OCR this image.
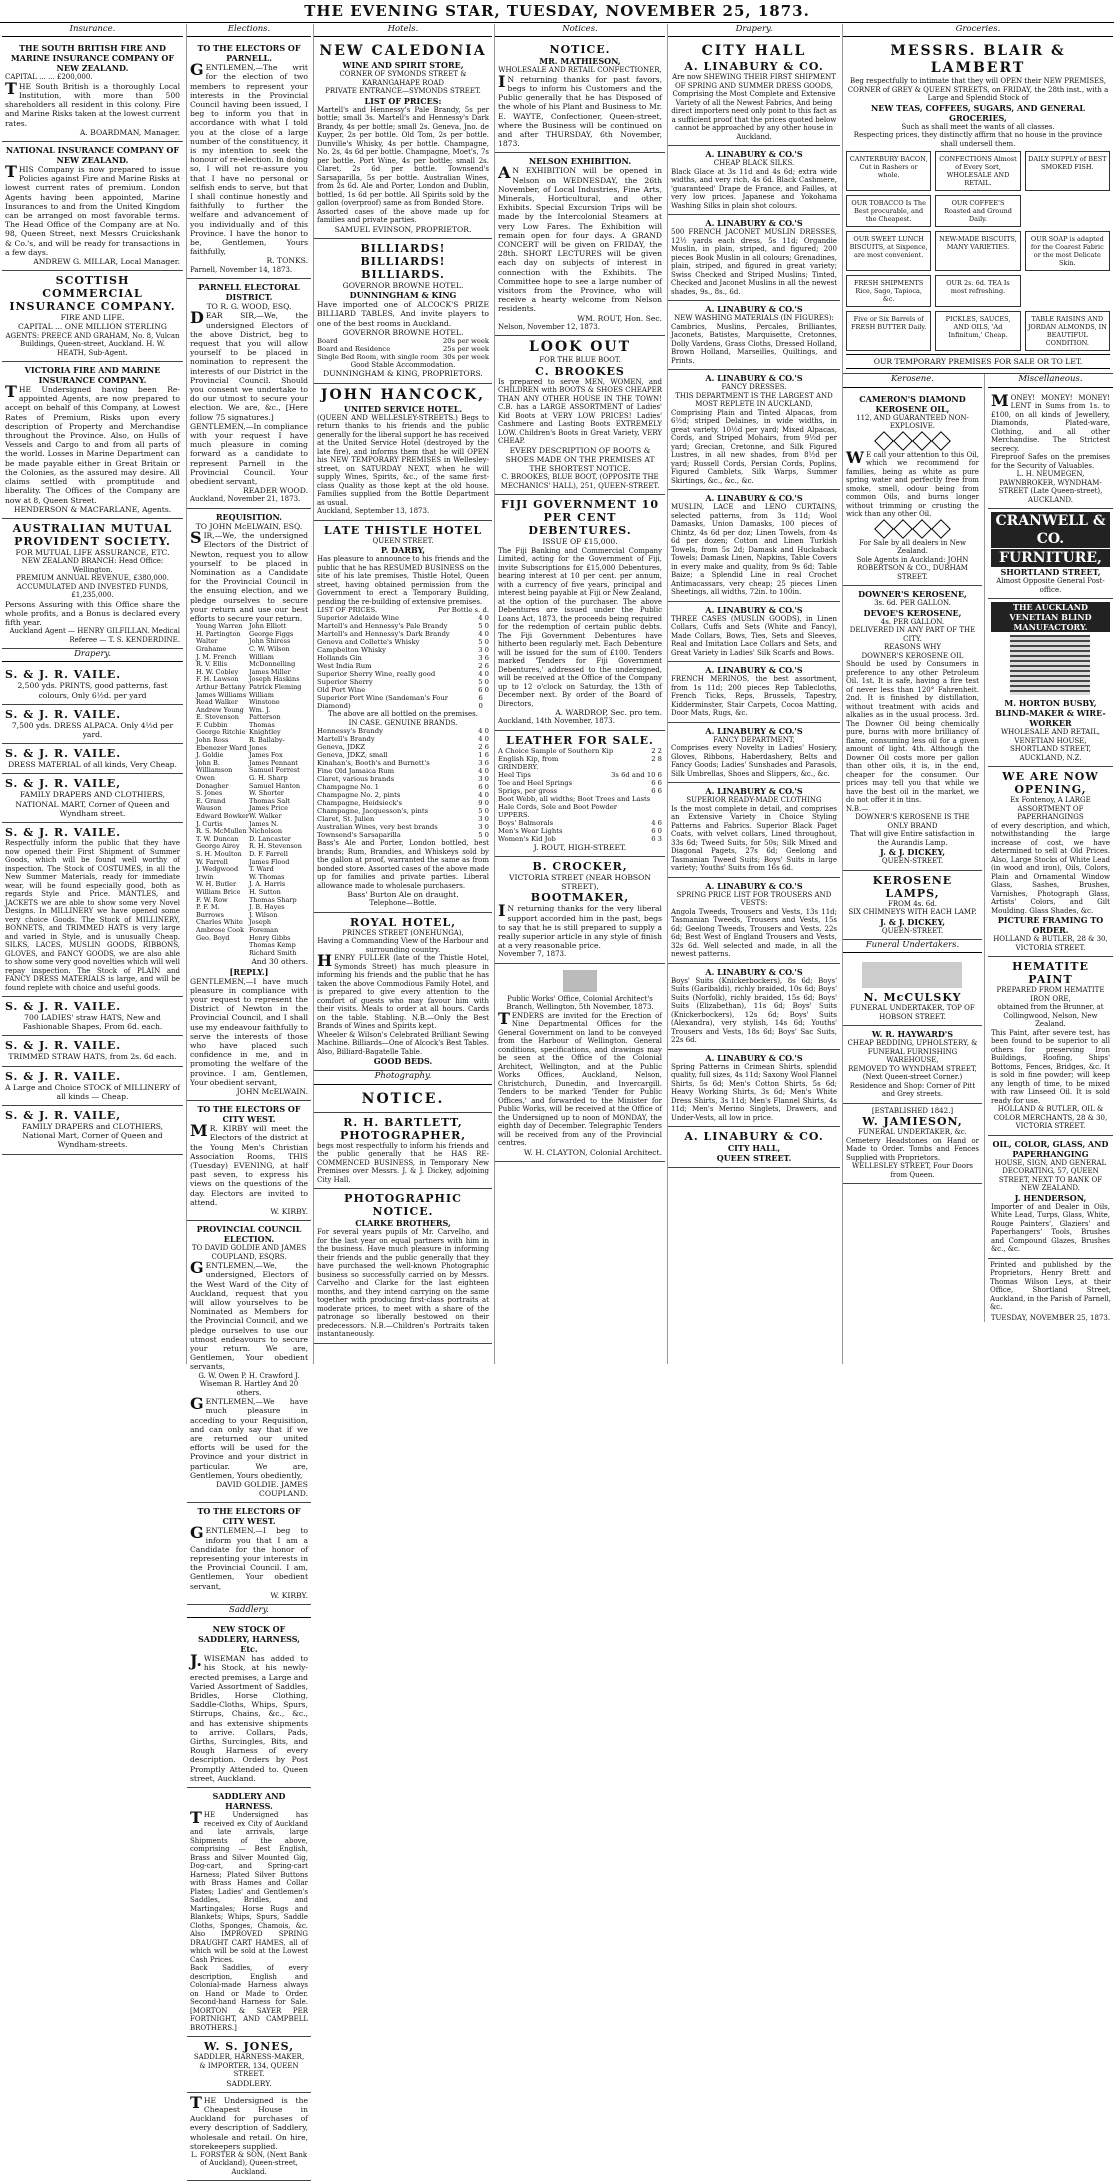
THE EVENING STAR, TUESDAY, NOVEMBER 25, 1873.
Insurance.
THE SOUTH BRITISH FIRE AND MARINE INSURANCE COMPANY OF NEW ZEALAND.
CAPITAL ... ... £200,000.
THE South British is a thoroughly Local Institution, with more than 500 shareholders all resident in this colony. Fire and Marine Risks taken at the lowest current rates.
A. BOARDMAN, Manager.
NATIONAL INSURANCE COMPANY OF NEW ZEALAND.
THIS Company is now prepared to issue Policies against Fire and Marine Risks at lowest current rates of premium. London Agents having been appointed, Marine Insurances to and from the United Kingdom can be arranged on most favorable terms. The Head Office of the Company are at No. 98, Queen Street, next Messrs Cruickshank & Co.'s, and will be ready for transactions in a few days.
ANDREW G. MILLAR, Local Manager.
SCOTTISH COMMERCIAL INSURANCE COMPANY.
FIRE AND LIFE.
CAPITAL ... ONE MILLION STERLING
AGENTS: PREECE AND GRAHAM, No. 8, Vulcan Buildings, Queen-street, Auckland. H. W. HEATH, Sub-Agent.
VICTORIA FIRE AND MARINE INSURANCE COMPANY.
THE Undersigned having been Re-appointed Agents, are now prepared to accept on behalf of this Company, at Lowest Rates of Premium, Risks upon every description of Property and Merchandise throughout the Province. Also, on Hulls of Vessels and Cargo to and from all parts of the world. Losses in Marine Department can be made payable either in Great Britain or the Colonies, as the assured may desire. All claims settled with promptitude and liberality. The Offices of the Company are now at 8, Queen Street.
HENDERSON & MACFARLANE, Agents.
AUSTRALIAN MUTUAL PROVIDENT SOCIETY.
FOR MUTUAL LIFE ASSURANCE, ETC.
NEW ZEALAND BRANCH: Head Office: Wellington.
PREMIUM ANNUAL REVENUE, £380,000. ACCUMULATED AND INVESTED FUNDS, £1,235,000.
Persons Assuring with this Office share the whole profits, and a Bonus is declared every fifth year.
Auckland Agent — HENRY GILFILLAN. Medical Referee — T. S. KENDERDINE.
Drapery.
S. & J. R. VAILE.
2,500 yds. PRINTS, good patterns, fast colours, Only 6½d. per yard
S. & J. R. VAILE.
7,500 yds. DRESS ALPACA. Only 4½d per yard.
S. & J. R. VAILE.
DRESS MATERIAL of all kinds, Very Cheap.
S. & J. R. VAILE,
FAMILY DRAPERS AND CLOTHIERS, NATIONAL MART, Corner of Queen and Wyndham street.
S. & J. R. VAILE.
Respectfully inform the public that they have now opened their First Shipment of Summer Goods, which will be found well worthy of inspection. The Stock of COSTUMES, in all the New Summer Materials, ready for immediate wear, will be found especially good, both as regards Style and Price. MANTLES, and JACKETS we are able to show some very Novel Designs. In MILLINERY we have opened some very choice Goods. The Stock of MILLINERY, BONNETS, and TRIMMED HATS is very large and varied in Style, and is unusually Cheap. SILKS, LACES, MUSLIN GOODS, RIBBONS, GLOVES, and FANCY GOODS, we are also able to show some very good novelties which will well repay inspection. The Stock of PLAIN and FANCY DRESS MATERIALS is large, and will be found replete with choice and useful goods.
S. & J. R. VAILE.
700 LADIES' straw HATS, New and Fashionable Shapes, From 6d. each.
S. & J. R. VAILE.
TRIMMED STRAW HATS, from 2s. 6d each.
S. & J. R. VAILE.
A Large and Choice STOCK of MILLINERY of all kinds — Cheap.
S. & J. R. VAILE,
FAMILY DRAPERS and CLOTHIERS, National Mart, Corner of Queen and Wyndham-streets.
Elections.
TO THE ELECTORS OF PARNELL.
GENTLEMEN,—The writ for the election of two members to represent your interests in the Provincial Council having been issued, I beg to inform you that in accordance with what I told you at the close of a large number of the constituency, it is my intention to seek the honour of re-election. In doing so, I will not re-assure you that I have no personal or selfish ends to serve, but that I shall continue honestly and faithfully to further the welfare and advancement of you individually and of this Province. I have the honor to be, Gentlemen, Yours faithfully,
R. TONKS.
Parnell, November 14, 1873.
PARNELL ELECTORAL DISTRICT.
TO R. G. WOOD, ESQ.
DEAR SIR,—We, the undersigned Electors of the above District, beg to request that you will allow yourself to be placed in nomination to represent the interests of our District in the Provincial Council. Should you consent we undertake to do our utmost to secure your election. We are, &c., [Here follow 75 signatures.]
GENTLEMEN,—In compliance with your request I have much pleasure in coming forward as a candidate to represent Parnell in the Provincial Council. Your obedient servant,
READER WOOD.
Auckland, November 21, 1873.
REQUISITION.
TO JOHN McELWAIN, ESQ.
SIR,—We, the undersigned Electors of the District of Newton, request you to allow yourself to be placed in Nomination as a Candidate for the Provincial Council in the ensuing election, and we pledge ourselves to secure your return and use our best efforts to secure your return.
Young Warren
H. Partington
Walter Grahame
J. M. French
R. V. Ellis
H. W. Cobley
F. H. Lawson
Arthur Bettany
James Williams
Read Walker
Andrew Young
E. Stevenson
F. Cubbin
George Ritchie
John Ross
Ebenezer Ward
J. Goldie
John B. Williamson
Owen Donagher
S. Jones
E. Grand Wauson
Edward Bowker
J. Curtis
R. S. McMullen
T. W. Duncan
George Airey
S. H. Moulton
W. Farrell
J. Wedgwood Irwin
W. H. Butler
William Brice
F. W. Row
P. F. M. Burrows
Charles White
Ambrose Cook
Geo. Boyd
John Elliott
George Figgs
John Shiress
C. W. Wilson
William McDonnelling
James Miller
Joseph Haskins
Patrick Fleming
William Winstone
Wm. J. Patterson
Thomas Knightley
R. Ballaby-Jones
James Fox
James Pennant
Samuel Forrest
G. H. Sharp
Samuel Hanton
W. Shorter
Thomas Salt
James Price
W. Walker
James N. Nicholson
D. Lancaster
R. H. Stevenson
D. F. Farrell
James Flood
T. Ward
W. Thomas
J. A. Harris
H. Sutton
Thomas Sharp
J. B. Hayes
J. Wilson
Joseph Foreman
Henry Gibbs
Thomas Kemp
Richard Smith
And 30 others.
[REPLY.]
GENTLEMEN,—I have much pleasure in compliance with your request to represent the District of Newton in the Provincial Council, and I shall use my endeavour faithfully to serve the interests of those who have placed such confidence in me, and in promoting the welfare of the province. I am, Gentlemen, Your obedient servant,
JOHN McELWAIN.
TO THE ELECTORS OF CITY WEST.
MR. KIRBY will meet the Electors of the district at the Young Men's Christian Association Rooms, THIS (Tuesday) EVENING, at half past seven, to express his views on the questions of the day. Electors are invited to attend.
W. KIRBY.
PROVINCIAL COUNCIL ELECTION.
TO DAVID GOLDIE AND JAMES COUPLAND, ESQRS.
GENTLEMEN,—We, the undersigned, Electors of the West Ward of the City of Auckland, request that you will allow yourselves to be Nominated as Members for the Provincial Council, and we pledge ourselves to use our utmost endeavours to secure your return. We are, Gentlemen, Your obedient servants,
G. W. Owen P. H. Crawford J. Wiseman R. Hartley And 20 others.
GENTLEMEN,—We have much pleasure in acceding to your Requisition, and can only say that if we are returned our united efforts will be used for the Province and your district in particular. We are, Gentlemen, Yours obediently,
DAVID GOLDIE. JAMES COUPLAND.
TO THE ELECTORS OF CITY WEST.
GENTLEMEN,—I beg to inform you that I am a Candidate for the honor of representing your interests in the Provincial Council. I am, Gentlemen, Your obedient servant,
W. KIRBY.
Saddlery.
NEW STOCK OF SADDLERY, HARNESS, Etc.
J.WISEMAN has added to his Stock, at his newly-erected premises, a Large and Varied Assortment of Saddles, Bridles, Horse Clothing, Saddle-Cloths, Whips, Spurs, Stirrups, Chains, &c., &c., and has extensive shipments to arrive. Collars, Pads, Girths, Surcingles, Bits, and Rough Harness of every description. Orders by Post Promptly Attended to. Queen street, Auckland.
SADDLERY AND HARNESS.
THE Undersigned has received ex City of Auckland and late arrivals, large Shipments of the above, comprising — Best English, Brass and Silver Mounted Gig, Dog-cart, and Spring-cart Harness; Plated Silver Buttons with Brass Hames and Collar Plates; Ladies' and Gentlemen's Saddles, Bridles, and Martingales; Horse Rugs and Blankets; Whips, Spurs, Saddle Cloths, Sponges, Chamois, &c. Also IMPROVED SPRING DRAUGHT CART HAMES, all of which will be sold at the Lowest Cash Prices.
Back Saddles, of every description, English and Colonial-made Harness always on Hand or Made to Order. Second-hand Harness for Sale. [MORTON & SAYER PER FORTNIGHT, AND CAMPBELL BROTHERS.]
W. S. JONES,
SADDLER, HARNESS-MAKER, & IMPORTER, 134, QUEEN STREET.
SADDLERY.
THE Undersigned is the Cheapest House in Auckland for purchases of every description of Saddlery, wholesale and retail. On hire, storekeepers supplied.
L. FORSTER & SON, (Next Bank of Auckland), Queen-street, Auckland.
Hotels.
NEW CALEDONIA
WINE AND SPIRIT STORE,
CORNER OF SYMONDS STREET & KARANGAHAPE ROAD
PRIVATE ENTRANCE—SYMONDS STREET.
LIST OF PRICES:
Martell's and Hennessy's Pale Brandy, 5s per bottle; small 3s. Martell's and Hennessy's Dark Brandy, 4s per bottle; small 2s. Geneva, Jno. de Kuyper, 2s per bottle. Old Tom, 2s per bottle. Dunville's Whisky, 4s per bottle. Champagne, No. 2s, 4s 6d per bottle. Champagne, Moet's, 7s per bottle. Port Wine, 4s per bottle; small 2s. Claret, 2s 6d per bottle. Townsend's Sarsaparilla, 5s per bottle. Australian Wines, from 2s 6d. Ale and Porter, London and Dublin, bottled, 1s 6d per bottle. All Spirits sold by the gallon (overproof) same as from Bonded Store.
Assorted cases of the above made up for families and private parties.
SAMUEL EVINSON, PROPRIETOR.
BILLIARDS! BILLIARDS! BILLIARDS.
GOVERNOR BROWNE HOTEL.
DUNNINGHAM & KING
Have imported one of ALCOCK'S PRIZE BILLIARD TABLES, And invite players to one of the best rooms in Auckland.
GOVERNOR BROWNE HOTEL.
Board	20s per week
Board and Residence	25s per week
Single Bed Room, with single room 30s per week
Good Stable Accommodation.
DUNNINGHAM & KING, PROPRIETORS.
JOHN HANCOCK,
UNITED SERVICE HOTEL.
(QUEEN AND WELLESLEY-STREETS.) Begs to return thanks to his friends and the public generally for the liberal support he has received at the United Service Hotel (destroyed by the late fire), and informs them that he will OPEN his NEW TEMPORARY PREMISES in Wellesley-street, on SATURDAY NEXT, when he will supply Wines, Spirits, &c., of the same first-class Quality as those kept at the old house. Families supplied from the Bottle Department as usual.
Auckland, September 13, 1873.
LATE THISTLE HOTEL
QUEEN STREET.
P. DARBY,
Has pleasure to announce to his friends and the public that he has RESUMED BUSINESS on the site of his late premises, Thistle Hotel, Queen street, having obtained permission from the Government to erect a Temporary Building, pending the re-building of extensive premises.
LIST OF PRICES.	Per Bottle s. d.
Superior Adelaide Wine	4 0
Martell's and Hennessy's Pale Brandy	5 0
Martell's and Hennessy's Dark Brandy	4 0
Geneva and Collette's Whisky	5 0
Campbelton Whisky	3 0
Hollands Gin	3 6
West India Rum	2 6
Superior Sherry Wine, really good	4 0
Superior Sherry	5 0
Old Port Wine	6 0
Superior Port Wine (Sandeman's Four Diamond)
6 0
The above are all bottled on the premises.
IN CASE. GENUINE BRANDS.
Hennessy's Brandy	4 0
Martell's Brandy	4 0
Geneva, JDKZ	2 6
Geneva, JDKZ, small	1 6
Kinahan's, Booth's and Burnett's	3 6
Fine Old Jamaica Rum	4 0
Claret, various brands	3 0
Champagne No. 1	6 0
Champagne No. 2, pints	4 0
Champagne, Heidsieck's	9 0
Champagne, Jacquesson's, pints	5 0
Claret, St. Julien	3 0
Australian Wines, very best brands	3 0
Townsend's Sarsaparilla	5 0
Bass's Ale and Porter, London bottled, best brands; Rum, Brandies, and Whiskeys sold by the gallon at proof, warranted the same as from bonded store. Assorted cases of the above made up for families and private parties. Liberal allowance made to wholesale purchasers.
Bass' Burton Ale on draught.
Telephone—Bottle.
ROYAL HOTEL,
PRINCES STREET (ONEHUNGA),
Having a Commanding View of the Harbour and surrounding country.
HENRY FULLER (late of the Thistle Hotel, Symonds Street) has much pleasure in informing his friends and the public that he has taken the above Commodious Family Hotel, and is prepared to give every attention to the comfort of guests who may favour him with their visits. Meals to order at all hours. Cards on the table. Stabling. N.B.—Only the Best Brands of Wines and Spirits kept.
Wheeler & Wilson's Celebrated Brilliant Sewing Machine. Billiards—One of Alcock's Best Tables. Also, Billiard-Bagatelle Table.
GOOD BEDS.
Photography.
NOTICE.
R. H. BARTLETT, PHOTOGRAPHER,
begs most respectfully to inform his friends and the public generally that he HAS RE-COMMENCED BUSINESS, in Temporary New Premises over Messrs. J. & J. Dickey, adjoining City Hall.
PHOTOGRAPHIC NOTICE.
CLARKE BROTHERS,
For several years pupils of Mr. Carvelho, and for the last year on equal partners with him in the business. Have much pleasure in informing their friends and the public generally that they have purchased the well-known Photographic business so successfully carried on by Messrs. Carvelho and Clarke for the last eighteen months, and they intend carrying on the same together with producing first-class portraits at moderate prices, to meet with a share of the patronage so liberally bestowed on their predecessors. N.B.—Children's Portraits taken instantaneously.
Notices.
NOTICE.
MR. MATHIESON,
WHOLESALE AND RETAIL CONFECTIONER,
IN returning thanks for past favors, begs to inform his Customers and the Public generally that he has Disposed of the whole of his Plant and Business to Mr. E. WAYTE, Confectioner, Queen-street, where the Business will be continued on and after THURSDAY, 6th November, 1873.
NELSON EXHIBITION.
AN EXHIBITION will be opened in Nelson on WEDNESDAY, the 26th November, of Local Industries, Fine Arts, Minerals, Horticultural, and other Exhibits. Special Excursion Trips will be made by the Intercolonial Steamers at very Low Fares. The Exhibition will remain open for four days. A GRAND CONCERT will be given on FRIDAY, the 28th. SHORT LECTURES will be given each day on subjects of interest in connection with the Exhibits. The Committee hope to see a large number of visitors from the Province, who will receive a hearty welcome from Nelson residents.
WM. ROUT, Hon. Sec.
Nelson, November 12, 1873.
LOOK OUT
FOR THE BLUE BOOT.
C. BROOKES
Is prepared to serve MEN, WOMEN, and CHILDREN with BOOTS & SHOES CHEAPER THAN ANY OTHER HOUSE IN THE TOWN! C.B. has a LARGE ASSORTMENT of Ladies' Kid Boots at VERY LOW PRICES! Ladies' Cashmere and Lasting Boots EXTREMELY LOW. Children's Boots in Great Variety, VERY CHEAP.
EVERY DESCRIPTION OF BOOTS & SHOES MADE ON THE PREMISES AT THE SHORTEST NOTICE.
C. BROOKES, BLUE BOOT, (OPPOSITE THE MECHANICS' HALL), 251, QUEEN-STREET.
FIJI GOVERNMENT 10 PER CENT DEBENTURES.
ISSUE OF £15,000.
The Fiji Banking and Commercial Company Limited, acting for the Government of Fiji, invite Subscriptions for £15,000 Debentures, bearing interest at 10 per cent. per annum, with a currency of five years, principal and interest being payable at Fiji or New Zealand, at the option of the purchaser. The above Debentures are issued under the Public Loans Act, 1873, the proceeds being required for the redemption of certain public debts. The Fiji Government Debentures have hitherto been regularly met. Each Debenture will be issued for the sum of £100. Tenders marked 'Tenders for Fiji Government Debentures,' addressed to the undersigned, will be received at the Office of the Company up to 12 o'clock on Saturday, the 13th of December next. By order of the Board of Directors,
A. WARDROP, Sec. pro tem.
Auckland, 14th November, 1873.
LEATHER FOR SALE.
A Choice Sample of Southern Kip	2 2
English Kip, from	2 8
GRINDERY.
Heel Tips	3s 6d and 10 6
Toe and Heel Springs	6 6
Sprigs, per gross	6 6
Boot Webb, all widths; Boot Trees and Lasts
Hale Cords, Sole and Boot Powder
UPPERS.
Boys' Balmorals	4 6
Men's Wear Lights	6 0
Women's Kid Job	6 3
J. ROUT, HIGH-STREET.
B. CROCKER,
VICTORIA STREET (NEAR HOBSON STREET),
BOOTMAKER,
IN returning thanks for the very liberal support accorded him in the past, begs to say that he is still prepared to supply a really superior article in any style of finish at a very reasonable price.
November 7, 1873.
Public Works' Office, Colonial Architect's Branch, Wellington, 5th November, 1873.
TENDERS are invited for the Erection of Nine Departmental Offices for the General Government on land to be conveyed from the Harbour of Wellington. General conditions, specifications, and drawings may be seen at the Office of the Colonial Architect, Wellington, and at the Public Works Offices, Auckland, Nelson, Christchurch, Dunedin, and Invercargill. Tenders to be marked 'Tender for Public Offices,' and forwarded to the Minister for Public Works, will be received at the Office of the Undersigned up to noon of MONDAY, the eighth day of December. Telegraphic Tenders will be received from any of the Provincial centres.
W. H. CLAYTON, Colonial Architect.
Drapery.
CITY HALL
A. LINABURY & CO.
Are now SHEWING THEIR FIRST SHIPMENT OF SPRING AND SUMMER DRESS GOODS,
Comprising the Most Complete and Extensive Variety of all the Newest Fabrics, And being direct importers need only point to this fact as a sufficient proof that the prices quoted below cannot be approached by any other house in Auckland.
A. LINABURY & CO.'S
CHEAP BLACK SILKS.
Black Glace at 3s 11d and 4s 6d; extra wide widths, and very rich, 4s 6d. Black Cashmere, 'guaranteed' Drape de France, and Failles, at very low prices. Japanese and Yokohama Washing Silks in plain shot colours.
A. LINABURY & CO.'S
500 FRENCH JACONET MUSLIN DRESSES, 12½ yards each dress, 5s 11d; Organdie Muslin, in plain, striped, and figured; 200 pieces Book Muslin in all colours; Grenadines, plain, striped, and figured in great variety; Swiss Checked and Striped Muslins; Tinted, Checked and Jaconet Muslins in all the newest shades, 9s., 8s., 6d.
A. LINABURY & CO.'S
NEW WASHING MATERIALS (IN FIGURES):
Cambrics, Muslins, Percales, Brilliantes, Jaconets, Batistes, Marquisette, Cretonnes, Dolly Vardens, Grass Cloths, Dressed Holland, Brown Holland, Marseilles, Quiltings, and Prints.
A. LINABURY & CO.'S
FANCY DRESSES.
THIS DEPARTMENT IS THE LARGEST AND MOST REPLETE IN AUCKLAND,
Comprising Plain and Tinted Alpacas, from 6½d; striped Delaines, in wide widths, in great variety, 10½d per yard; Mixed Alpacas, Cords, and Striped Mohairs, from 9½d per yard; Grecian, Cretonne, and Silk Figured Lustres, in all new shades, from 8½d per yard; Russell Cords, Persian Cords, Poplins, Figured Camblets, Silk Warps, Summer Skirtings, &c., &c., &c.
A. LINABURY & CO.'S
MUSLIN, LACE and LENO CURTAINS, selected patterns, from 3s 11d; Wool Damasks, Union Damasks, 100 pieces of Chintz, 4s 6d per doz; Linen Towels, from 4s 6d per dozen; Cotton and Linen Turkish Towels, from 5s 2d; Damask and Huckaback Towels; Damask Linen, Napkins, Table Covers in every make and quality, from 9s 6d; Table Baize; a Splendid Line in real Crochet Antimacassars, very cheap; 25 pieces Linen Sheetings, all widths, 72in. to 100in.
A. LINABURY & CO.'S
THREE CASES (MUSLIN GOODS), in Linen Collars, Cuffs and Sets (White and Fancy), Made Collars, Bows, Ties, Sets and Sleeves, Real and Imitation Lace Collars and Sets, and Great Variety in Ladies' Silk Scarfs and Bows.
A. LINABURY & CO.'S
FRENCH MERINOS, the best assortment, from 1s 11d; 200 pieces Rep Tablecloths, French Ticks, Reps, Brussels, Tapestry, Kidderminster, Stair Carpets, Cocoa Matting, Door Mats, Rugs, &c.
A. LINABURY & CO.'S
FANCY DEPARTMENT,
Comprises every Novelty in Ladies' Hosiery, Gloves, Ribbons, Haberdashery, Belts and Fancy Goods; Ladies' Sunshades and Parasols, Silk Umbrellas, Shoes and Slippers, &c., &c.
A. LINABURY & CO.'S
SUPERIOR READY-MADE CLOTHING
Is the most complete in detail, and comprises an Extensive Variety in Choice Styling Patterns and Fabrics. Superior Black Paget Coats, with velvet collars, Lined throughout, 33s 6d; Tweed Suits, for 50s; Silk Mixed and Diagonal Pagets, 27s 6d; Geelong and Tasmanian Tweed Suits; Boys' Suits in large variety; Youths' Suits from 16s 6d.
A. LINABURY & CO.'S
SPRING PRICE LIST FOR TROUSERS AND VESTS:
Angola Tweeds, Trousers and Vests, 13s 11d; Tasmanian Tweeds, Trousers and Vests, 15s 6d; Geelong Tweeds, Trousers and Vests, 22s 6d; Best West of England Trousers and Vests, 32s 6d. Well selected and made, in all the newest patterns.
A. LINABURY & CO.'S
Boys' Suits (Knickerbockers), 8s 6d; Boys' Suits (Garibaldi), richly braided, 10s 6d; Boys' Suits (Norfolk), richly braided, 15s 6d; Boys' Suits (Elizabethan), 11s 6d; Boys' Suits (Knickerbockers), 12s 6d; Boys' Suits (Alexandra), very stylish, 14s 6d; Youths' Trousers and Vests, 18s 6d; Boys' Sac Suits, 22s 6d.
A. LINABURY & CO.'S
Spring Patterns in Crimean Shirts, splendid quality, full sizes, 4s 11d; Saxony Wool Flannel Shirts, 5s 6d; Men's Cotton Shirts, 5s 6d; Heavy Working Shirts, 3s 6d; Men's White Dress Shirts, 3s 11d; Men's Flannel Shirts, 4s 11d; Men's Merino Singlets, Drawers, and Under-Vests, all low in price.
A. LINABURY & CO.
CITY HALL,
QUEEN STREET.
Groceries.
MESSRS. BLAIR & LAMBERT
Beg respectfully to intimate that they will OPEN their NEW PREMISES, CORNER of GREY & QUEEN STREETS, on FRIDAY, the 28th inst., with a Large and Splendid Stock of
NEW TEAS, COFFEES, SUGARS, AND GENERAL GROCERIES,
Such as shall meet the wants of all classes.
Respecting prices, they distinctly affirm that no house in the province shall undersell them.
CANTERBURY BACON, Cut in Rashers or whole.
CONFECTIONS Almost of Every Sort, WHOLESALE AND RETAIL.
DAILY SUPPLY of BEST SMOKED FISH.
OUR TOBACCO Is The Best procurable, and the Cheapest.
OUR COFFEE'S Roasted and Ground Daily.
OUR SWEET LUNCH BISCUITS, at Sixpence, are most convenient.
NEW-MADE BISCUITS, MANY VARIETIES.
OUR SOAP is adapted for the Coarest Fabric or the most Delicate Skin.
FRESH SHIPMENTS Rice, Sago, Tapioca, &c.
OUR 2s. 6d. TEA Is most refreshing.
Five or Six Barrels of FRESH BUTTER Daily.
PICKLES, SAUCES, AND OILS, 'Ad Infinitum,' Cheap.
TABLE RAISINS AND JORDAN ALMONDS, IN BEAUTIFUL CONDITION.
OUR TEMPORARY PREMISES FOR SALE OR TO LET.
Kerosene.
CAMERON'S DIAMOND KEROSENE OIL,
112, AND GUARANTEED NON-EXPLOSIVE.
WE call your attention to this Oil, which we recommend for families, being as white as pure spring water and perfectly free from smoke, smell, odour being from common Oils, and burns longer without trimming or crusting the wick than any other Oil.
For Sale by all dealers in New Zealand.
Sole Agents in Auckland: JOHN ROBERTSON & CO., DURHAM STREET.
DOWNER'S KEROSENE,
3s. 6d. PER GALLON.
DEVOE'S KEROSENE,
4s. PER GALLON.
DELIVERED IN ANY PART OF THE CITY.
REASONS WHY
DOWNER'S KEROSENE OIL
Should be used by Consumers in preference to any other Petroleum Oil. 1st. It is safe, having a fire test of never less than 120° Fahrenheit. 2nd. It is finished by distillation, without treatment with acids and alkalies as in the usual process. 3rd. The Downer Oil being chemically pure, burns with more brilliancy of flame, consuming less oil for a given amount of light. 4th. Although the Downer Oil costs more per gallon than other oils, it is, in the end, cheaper for the consumer. Our prices may tell you that while we have the best oil in the market, we do not offer it in tins.
N.B.—
DOWNER'S KEROSENE IS THE ONLY BRAND
That will give Entire satisfaction in the Aurandis Lamp.
J. & J. DICKEY,
QUEEN-STREET.
KEROSENE LAMPS,
FROM 4s. 6d.
SIX CHIMNEYS WITH EACH LAMP.
J. & J. DICKEY,
QUEEN-STREET.
Funeral Undertakers.
N. McCULSKY
FUNERAL UNDERTAKER, TOP OF HOBSON STREET.
W. R. HAYWARD'S
CHEAP BEDDING, UPHOLSTERY, & FUNERAL FURNISHING WAREHOUSE,
REMOVED TO WYNDHAM STREET, (Next Queen-street Corner.)
Residence and Shop: Corner of Pitt and Grey streets.
[ESTABLISHED 1842.]
W. JAMIESON,
FUNERAL UNDERTAKER, &c.
Cemetery Headstones on Hand or Made to Order. Tombs and Fences Supplied with Proprietors.
WELLESLEY STREET, Four Doors from Queen.
Miscellaneous.
MONEY! MONEY! MONEY! LENT in Sums from 1s. to £100, on all kinds of Jewellery, Diamonds, Plated-ware, Clothing, and all other Merchandise. The Strictest secrecy.
Fireproof Safes on the premises for the Security of Valuables.
L. H. NEUMEGEN, PAWNBROKER, WYNDHAM-STREET (Late Queen-street), AUCKLAND.
CRANWELL & CO.
FURNITURE,
SHORTLAND STREET,
Almost Opposite General Post-office.
THE AUCKLAND VENETIAN BLIND MANUFACTORY.
M. HORTON BUSBY, BLIND-MAKER & WIRE-WORKER
WHOLESALE AND RETAIL, VENETIAN HOUSE, SHORTLAND STREET, AUCKLAND, N.Z.
WE ARE NOW OPENING,
Ex Fontenoy, A LARGE ASSORTMENT OF PAPERHANGINGS
of every description, and which, notwithstanding the large increase of cost, we have determined to sell at Old Prices. Also, Large Stocks of White Lead (in wood and iron), Oils, Colors, Plain and Ornamental Window Glass, Sashes, Brushes, Varnishes, Photograph Glass, Artists' Colors, and Gilt Moulding. Glass Shades, &c.
PICTURE FRAMING TO ORDER.
HOLLAND & BUTLER, 28 & 30, VICTORIA STREET.
HEMATITE PAINT
PREPARED FROM HEMATITE IRON ORE,
obtained from the Brunner, at Collingwood, Nelson, New Zealand.
This Paint, after severe test, has been found to be superior to all others for preserving Iron Buildings, Roofing, Ships' Bottoms, Fences, Bridges, &c. It is sold in fine powder; will keep any length of time, to be mixed with raw Linseed Oil. It is sold ready for use.
HOLLAND & BUTLER, OIL & COLOR MERCHANTS, 28 & 30, VICTORIA STREET.
OIL, COLOR, GLASS, AND PAPERHANGING
HOUSE, SIGN, AND GENERAL DECORATING, 57, QUEEN STREET, NEXT TO BANK OF NEW ZEALAND.
J. HENDERSON,
Importer of and Dealer in Oils, White Lead, Turps, Glass, White, Rouge Painters', Glaziers' and Paperhangers' Tools, Brushes and Compound Glazes, Brushes &c., &c.
Printed and published by the Proprietors, Henry Brett and Thomas Wilson Leys, at their Office, Shortland Street, Auckland, in the Parish of Parnell, &c.
TUESDAY, NOVEMBER 25, 1873.
